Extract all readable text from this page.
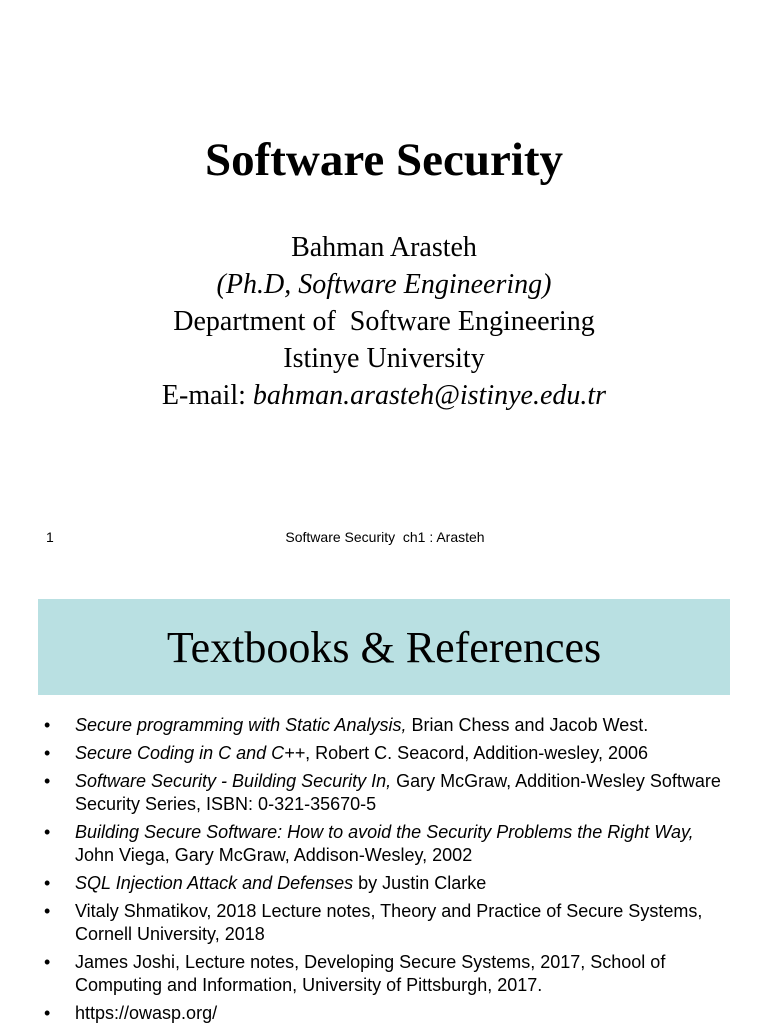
Software Security
Bahman Arasteh
(Ph.D, Software Engineering)
Department of  Software Engineering
Istinye University
E-mail: bahman.arasteh@istinye.edu.tr
1	Software Security  ch1 : Arasteh
Textbooks & References
• Secure programming with Static Analysis, Brian Chess and Jacob West.
• Secure Coding in C and C++, Robert C. Seacord, Addition-wesley, 2006
• Software Security - Building Security In, Gary McGraw, Addition-Wesley Software Security Series, ISBN: 0-321-35670-5
• Building Secure Software: How to avoid the Security Problems the Right Way, John Viega, Gary McGraw, Addison-Wesley, 2002
• SQL Injection Attack and Defenses by Justin Clarke
• Vitaly Shmatikov, 2018 Lecture notes, Theory and Practice of Secure Systems, Cornell University, 2018
• James Joshi, Lecture notes, Developing Secure Systems, 2017, School of Computing and Information, University of Pittsburgh, 2017.
• https://owasp.org/
